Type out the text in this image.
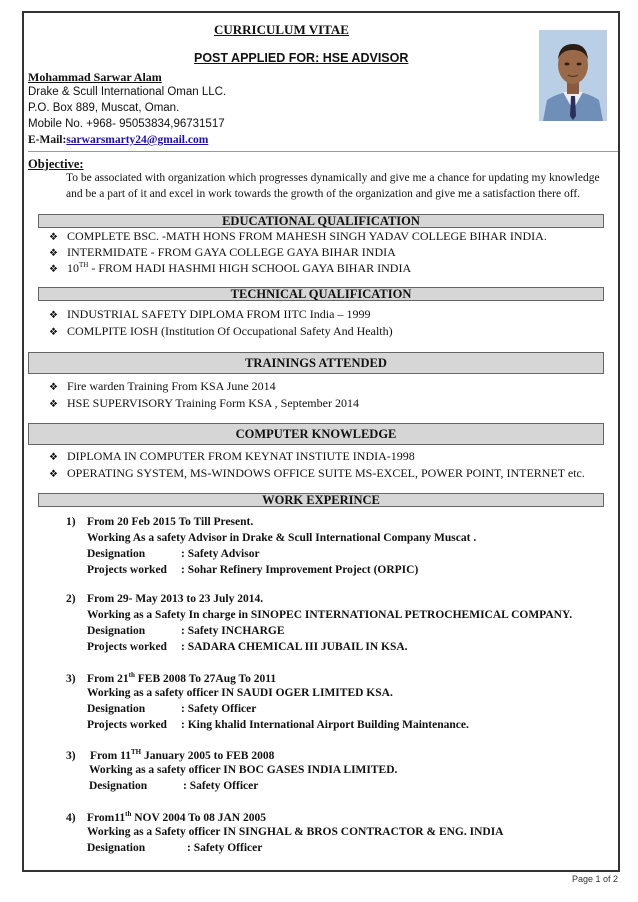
CURRICULUM VITAE
POST APPLIED FOR: HSE ADVISOR
Mohammad Sarwar Alam
Drake & Scull International Oman LLC.
P.O. Box 889, Muscat, Oman.
Mobile No. +968- 95053834,96731517
E-Mail:sarwarsmarty24@gmail.com
Objective:
To be associated with organization which progresses dynamically and give me a chance for updating my knowledge
and be a part of it and excel in work towards the growth of the organization and give me a satisfaction there off.
EDUCATIONAL QUALIFICATION
❖ COMPLETE BSC. -MATH HONS FROM MAHESH SINGH YADAV COLLEGE BIHAR INDIA.
❖ INTERMIDATE - FROM GAYA COLLEGE GAYA BIHAR INDIA
❖ 10TH - FROM HADI HASHMI HIGH SCHOOL GAYA BIHAR INDIA
TECHNICAL QUALIFICATION
❖ INDUSTRIAL SAFETY DIPLOMA FROM IITC India – 1999
❖ COMLPITE IOSH (Institution Of Occupational Safety And Health)
TRAININGS ATTENDED
❖ Fire warden Training From KSA June 2014
❖ HSE SUPERVISORY Training Form KSA , September 2014
COMPUTER KNOWLEDGE
❖ DIPLOMA IN COMPUTER FROM KEYNAT INSTIUTE INDIA-1998
❖ OPERATING SYSTEM, MS-WINDOWS OFFICE SUITE MS-EXCEL, POWER POINT, INTERNET etc.
WORK EXPERINCE
1) From 20 Feb 2015 To Till Present.
Working As a safety Advisor in Drake & Scull International Company Muscat .
Designation	: Safety Advisor
Projects worked : Sohar Refinery Improvement Project (ORPIC)
2) From 29- May 2013 to 23 July 2014.
Working as a Safety In charge in SINOPEC INTERNATIONAL PETROCHEMICAL COMPANY.
Designation	: Safety INCHARGE
Projects worked : SADARA CHEMICAL III JUBAIL IN KSA.
3) From 21th FEB 2008 To 27Aug To 2011
Working as a safety officer IN SAUDI OGER LIMITED KSA.
Designation	: Safety Officer
Projects worked : King khalid International Airport Building Maintenance.
3) From 11TH January 2005 to FEB 2008
Working as a safety officer IN BOC GASES INDIA LIMITED.
Designation	: Safety Officer
4) From11th NOV 2004 To 08 JAN 2005
Working as a Safety officer IN SINGHAL & BROS CONTRACTOR & ENG. INDIA
Designation	: Safety Officer
Page 1 of 2
